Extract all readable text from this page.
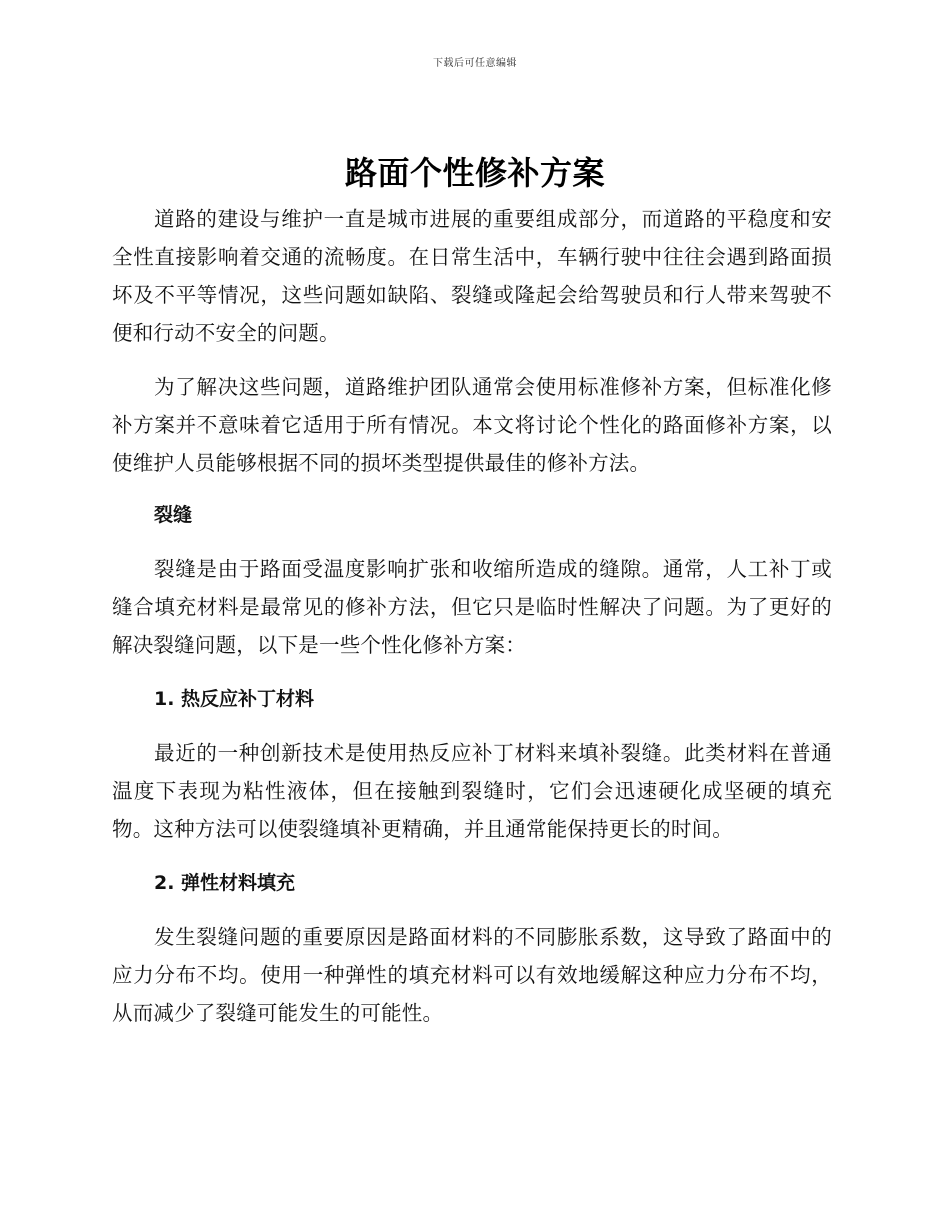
下载后可任意编辑
路面个性修补方案

道路的建设与维护一直是城市进展的重要组成部分，而道路的平稳度和安全性直接影响着交通的流畅度。在日常生活中，车辆行驶中往往会遇到路面损坏及不平等情况，这些问题如缺陷、裂缝或隆起会给驾驶员和行人带来驾驶不便和行动不安全的问题。

为了解决这些问题，道路维护团队通常会使用标准修补方案，但标准化修补方案并不意味着它适用于所有情况。本文将讨论个性化的路面修补方案，以使维护人员能够根据不同的损坏类型提供最佳的修补方法。

裂缝

裂缝是由于路面受温度影响扩张和收缩所造成的缝隙。通常，人工补丁或缝合填充材料是最常见的修补方法，但它只是临时性解决了问题。为了更好的解决裂缝问题，以下是一些个性化修补方案：

1. 热反应补丁材料

最近的一种创新技术是使用热反应补丁材料来填补裂缝。此类材料在普通温度下表现为粘性液体，但在接触到裂缝时，它们会迅速硬化成坚硬的填充物。这种方法可以使裂缝填补更精确，并且通常能保持更长的时间。

2. 弹性材料填充

发生裂缝问题的重要原因是路面材料的不同膨胀系数，这导致了路面中的应力分布不均。使用一种弹性的填充材料可以有效地缓解这种应力分布不均，从而减少了裂缝可能发生的可能性。
